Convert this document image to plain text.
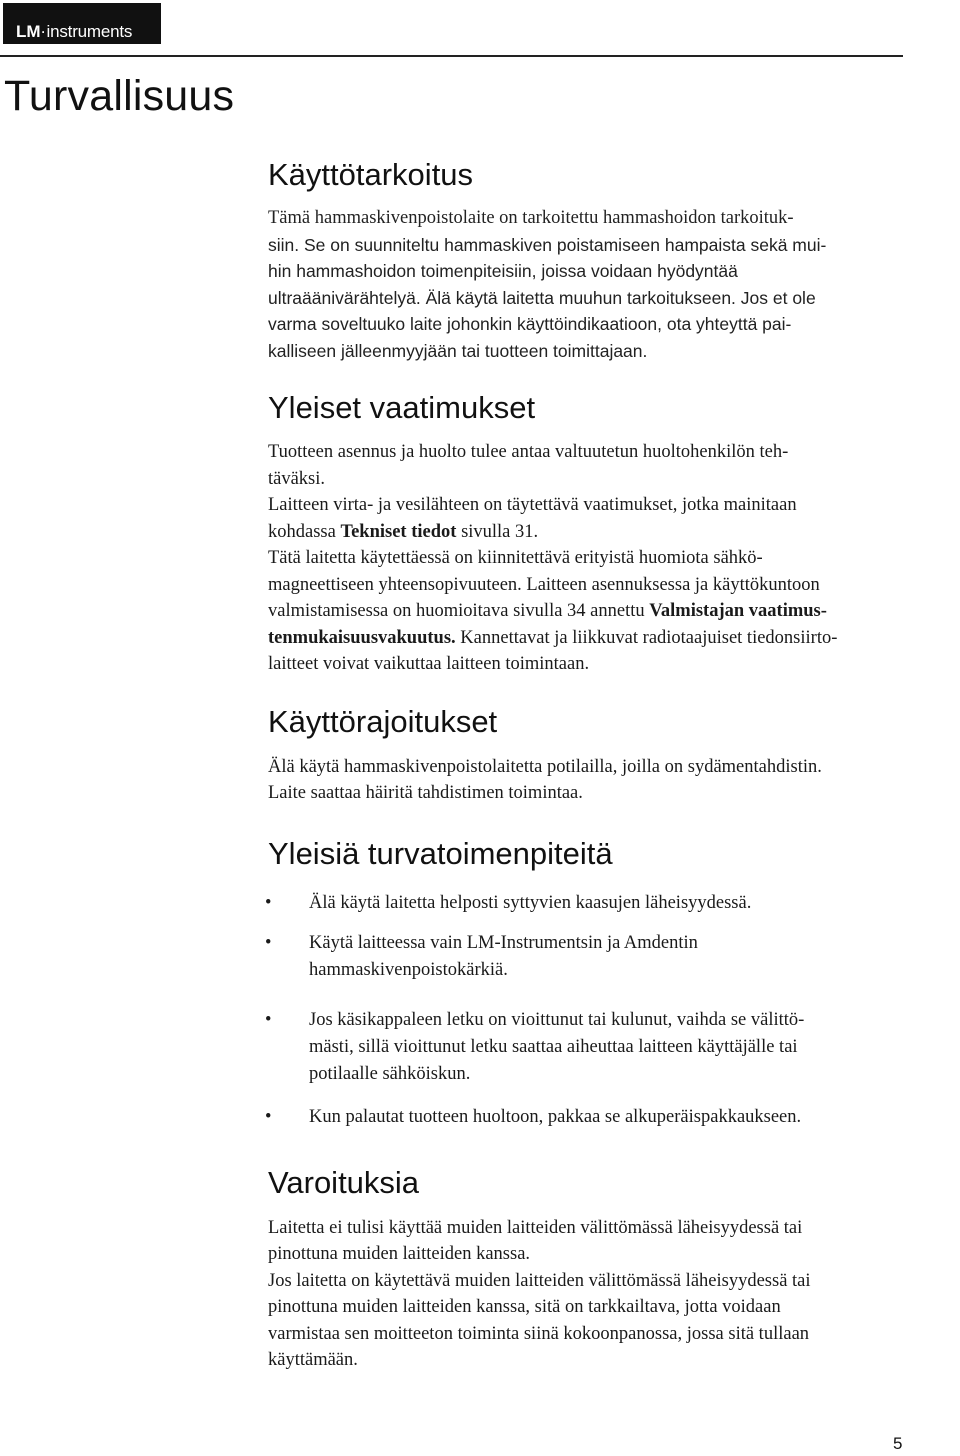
LM · instruments
Turvallisuus
Käyttötarkoitus
Tämä hammaskivenpoistolaite on tarkoitettu hammashoidon tarkoituk-
siin. Se on suunniteltu hammaskiven poistamiseen hampaista sekä mui-
hin hammashoidon toimenpiteisiin, joissa voidaan hyödyntää
ultraäänivärähtelyä. Älä käytä laitetta muuhun tarkoitukseen. Jos et ole
varma soveltuuko laite johonkin käyttöindikaatioon, ota yhteyttä pai-
kalliseen jälleenmyyjään tai tuotteen toimittajaan.
Yleiset vaatimukset
Tuotteen asennus ja huolto tulee antaa valtuutetun huoltohenkilön teh-
täväksi.
Laitteen virta- ja vesilähteen on täytettävä vaatimukset, jotka mainitaan
kohdassa Tekniset tiedot sivulla 31.
Tätä laitetta käytettäessä on kiinnitettävä erityistä huomiota sähkö-
magneettiseen yhteensopivuuteen. Laitteen asennuksessa ja käyttökuntoon
valmistamisessa on huomioitava sivulla 34 annettu Valmistajan vaatimus-
tenmukaisuusvakuutus. Kannettavat ja liikkuvat radiotaajuiset tiedonsiirto-
laitteet voivat vaikuttaa laitteen toimintaan.
Käyttörajoitukset
Älä käytä hammaskivenpoistolaitetta potilailla, joilla on sydämentahdistin.
Laite saattaa häiritä tahdistimen toimintaa.
Yleisiä turvatoimenpiteitä
•	Älä käytä laitetta helposti syttyvien kaasujen läheisyydessä.
•	Käytä laitteessa vain LM-Instrumentsin ja Amdentin
hammaskivenpoistokärkiä.
•	Jos käsikappaleen letku on vioittunut tai kulunut, vaihda se välittö-
mästi, sillä vioittunut letku saattaa aiheuttaa laitteen käyttäjälle tai
potilaalle sähköiskun.
•	Kun palautat tuotteen huoltoon, pakkaa se alkuperäispakkaukseen.
Varoituksia
Laitetta ei tulisi käyttää muiden laitteiden välittömässä läheisyydessä tai
pinottuna muiden laitteiden kanssa.
Jos laitetta on käytettävä muiden laitteiden välittömässä läheisyydessä tai
pinottuna muiden laitteiden kanssa, sitä on tarkkailtava, jotta voidaan
varmistaa sen moitteeton toiminta siinä kokoonpanossa, jossa sitä tullaan
käyttämään.
5
